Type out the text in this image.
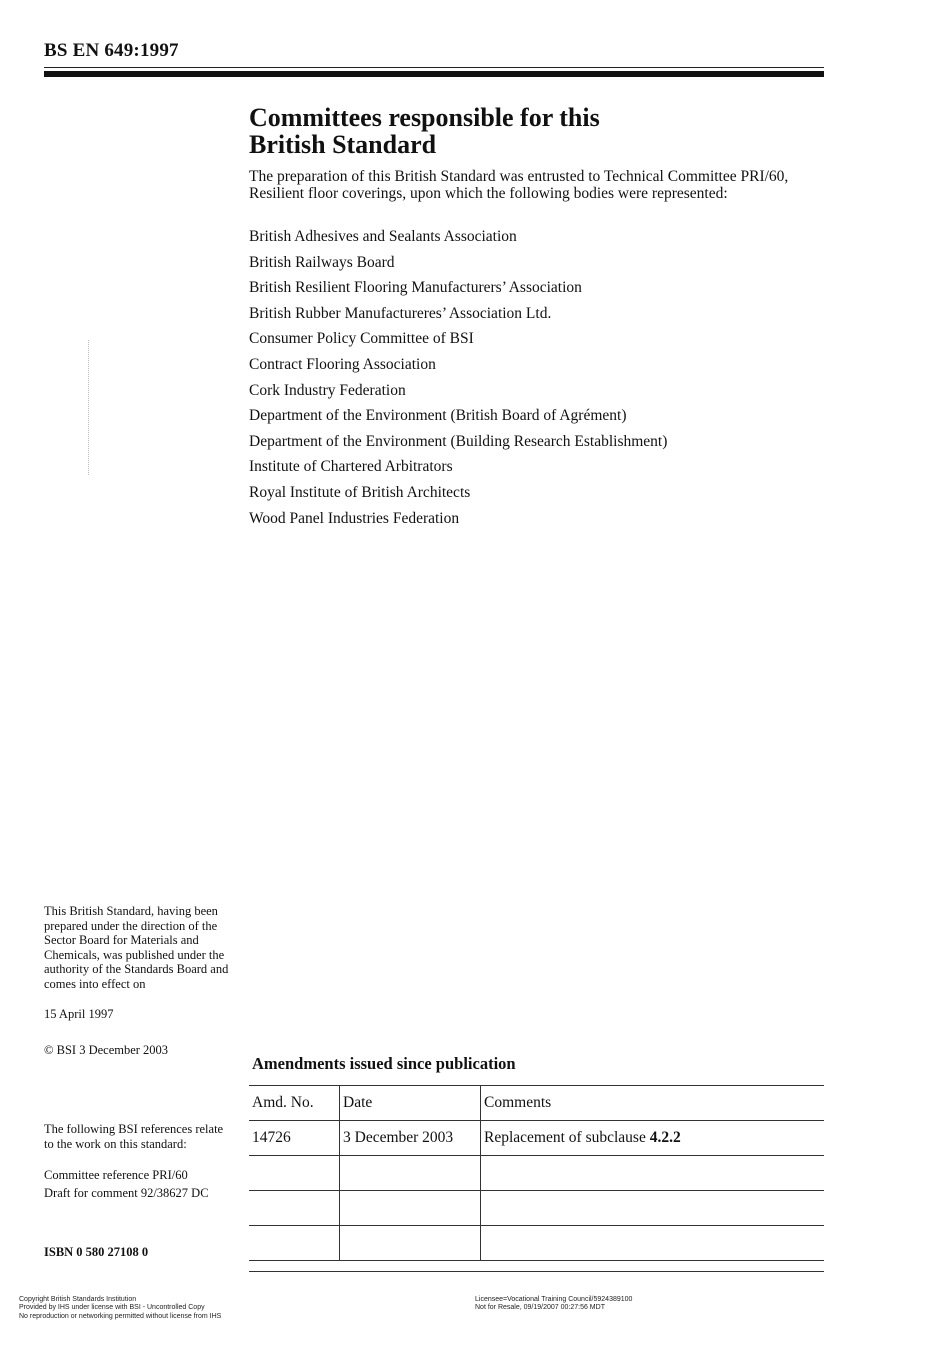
BS EN 649:1997
Committees responsible for this
British Standard
The preparation of this British Standard was entrusted to Technical Committee PRI/60, Resilient floor coverings, upon which the following bodies were represented:
British Adhesives and Sealants Association
British Railways Board
British Resilient Flooring Manufacturers’ Association
British Rubber Manufactureres’ Association Ltd.
Consumer Policy Committee of BSI
Contract Flooring Association
Cork Industry Federation
Department of the Environment (British Board of Agrément)
Department of the Environment (Building Research Establishment)
Institute of Chartered Arbitrators
Royal Institute of British Architects
Wood Panel Industries Federation
This British Standard, having been prepared under the direction of the Sector Board for Materials and Chemicals, was published under the authority of the Standards Board and comes into effect on
15 April 1997
© BSI 3 December 2003
The following BSI references relate to the work on this standard:
Committee reference PRI/60
Draft for comment 92/38627 DC
ISBN 0 580 27108 0
Amendments issued since publication
Amd. No.	Date	Comments
14726	3 December 2003	Replacement of subclause 4.2.2

Copyright British Standards Institution
Provided by IHS under license with BSI - Uncontrolled Copy
No reproduction or networking permitted without license from IHS
Licensee=Vocational Training Council/5924389100
Not for Resale, 09/19/2007 00:27:56 MDT
